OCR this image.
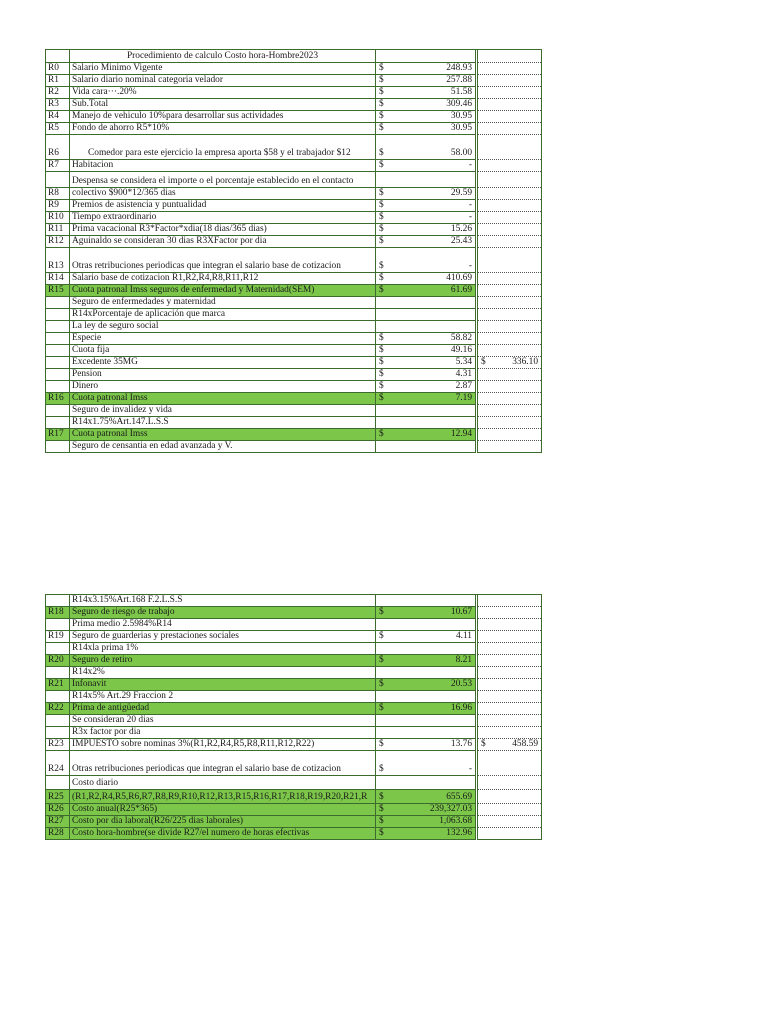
	Procedimiento de calculo Costo hora-Hombre2023			
R0	Salario Minimo Vigente	$ 248.93		

R1	Salario diario nominal categoria velador	$ 257.88		

R2	Vida cara···.20%	$ 51.58		

R3	Sub.Total	$ 309.46		

R4	Manejo de vehiculo 10%para desarrollar sus actividades	$ 30.95		

R5	Fondo de ahorro R5*10%	$ 30.95		

R6	Comedor para este ejercicio la empresa aporta $58 y el trabajador $12	$ 58.00		

R7	Habitacion	$ -		

	Despensa se considera el importe o el porcentaje establecido en el contacto	

R8	colectivo $900*12/365 dias	$ 29.59		

R9	Premios de asistencia y puntualidad	$ -		

R10	Tiempo extraordinario	$ -		

R11	Prima vacacional R3*Factor*xdia(18 dias/365 dias)	$ 15.26		

R12	Aguinaldo se consideran 30 dias R3XFactor por dia	$ 25.43		

R13	Otras retribuciones periodicas que integran el salario base de cotizacion	$ -		

R14	Salario base de cotizacion R1,R2,R4,R8,R11,R12	$ 410.69		

R15	Cuota patronal Imss seguros de enfermedad y Maternidad(SEM)	$ 61.69		

	Seguro de enfermedades y maternidad	

	R14xPorcentaje de aplicación que marca	

	La ley de seguro social	

	Especie	$ 58.82		

	Cuota fija	$ 49.16		

	Excedente 35MG	$ 5.34		$ 336.10

	Pension	$ 4.31		

	Dinero	$ 2.87		

R16	Cuota patronal Imss	$ 7.19		

	Seguro de invalidez y vida	

	R14x1.75%Art.147.L.S.S	

R17	Cuota patronal Imss	$ 12.94		

	Seguro de censantia en edad avanzada y V.	

	R14x3.15%Art.168 F.2.L.S.S	

R18	Seguro de riesgo de trabajo	$ 10.67		

	Prima medio 2.5984%R14	

R19	Seguro de guarderias y prestaciones sociales	$ 4.11		

	R14xla prima 1%	

R20	Seguro de retiro	$ 8.21		

	R14x2%	

R21	Infonavit	$ 20.53		

	R14x5% Art.29 Fraccion 2	

R22	Prima de antigüedad	$ 16.96		

	Se consideran 20 dias	

	R3x factor por dia	

R23	IMPUESTO sobre nominas 3%(R1,R2,R4,R5,R8,R11,R12,R22)	$ 13.76		$ 458.59

R24	Otras retribuciones periodicas que integran el salario base de cotizacion	$ -		

	Costo diario	

R25	(R1,R2,R4,R5,R6,R7,R8,R9,R10,R12,R13,R15,R16,R17,R18,R19,R20,R21,R	$ 655.69		

R26	Costo anual(R25*365)	$ 239,327.03		

R27	Costo por dia laboral(R26/225 dias laborales)	$ 1,063.68		

R28	Costo hora-hombre(se divide R27/el numero de horas efectivas	$ 132.96		
